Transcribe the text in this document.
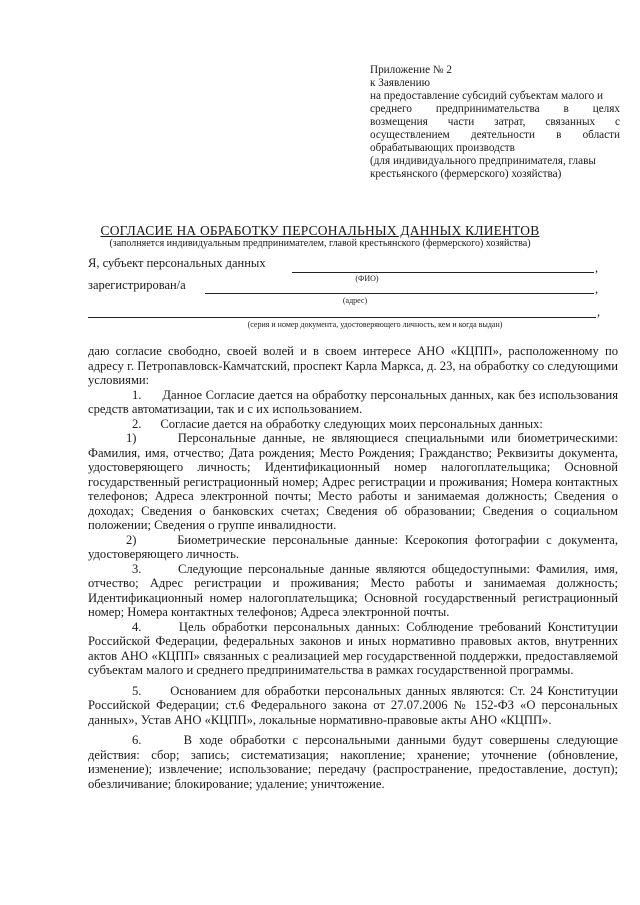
Приложение № 2
к Заявлению
на предоставление субсидий субъектам малого и
среднего предпринимательства в целях
возмещения части затрат, связанных с
осуществлением деятельности в области
обрабатывающих производств
(для индивидуального предпринимателя, главы
крестьянского (фермерского) хозяйства)
СОГЛАСИЕ НА ОБРАБОТКУ ПЕРСОНАЛЬНЫХ ДАННЫХ КЛИЕНТОВ
(заполняется индивидуальным предпринимателем, главой крестьянского (фермерского) хозяйства)
Я, субъект персональных данных	,
(ФИО)
зарегистрирован/а	,
(адрес)
,
(серия и номер документа, удостоверяющего личность, кем и когда выдан)

даю согласие свободно, своей волей и в своем интересе АНО «КЦПП», расположенному по адресу г. Петропавловск-Камчатский, проспект Карла Маркса, д. 23, на обработку со следующими условиями:

1.      Данное Согласие дается на обработку персональных данных, как без использования средств автоматизации, так и с их использованием.

2.      Согласие дается на обработку следующих моих персональных данных:

1)      Персональные данные, не являющиеся специальными или биометрическими: Фамилия, имя, отчество; Дата рождения; Место Рождения; Гражданство; Реквизиты документа, удостоверяющего личность; Идентификационный номер налогоплательщика; Основной государственный регистрационный номер; Адрес регистрации и проживания; Номера контактных телефонов; Адреса электронной почты; Место работы и занимаемая должность; Сведения о доходах; Сведения о банковских счетах; Сведения об образовании; Сведения о социальном положении; Сведения о группе инвалидности.

2)      Биометрические персональные данные: Ксерокопия фотографии с документа, удостоверяющего личность.

3.      Следующие персональные данные являются общедоступными: Фамилия, имя, отчество; Адрес регистрации и проживания; Место работы и занимаемая должность; Идентификационный номер налогоплательщика; Основной государственный регистрационный номер; Номера контактных телефонов; Адреса электронной почты.

4.      Цель обработки персональных данных: Соблюдение требований Конституции Российской Федерации, федеральных законов и иных нормативно правовых актов, внутренних актов АНО «КЦПП» связанных с реализацией мер государственной поддержки, предоставляемой субъектам малого и среднего предпринимательства в рамках государственной программы.

5.      Основанием для обработки персональных данных являются: Ст. 24 Конституции Российской Федерации; ст.6 Федерального закона от 27.07.2006 № 152-ФЗ «О персональных данных», Устав АНО «КЦПП», локальные нормативно-правовые акты АНО «КЦПП».

6.      В ходе обработки с персональными данными будут совершены следующие действия: сбор; запись; систематизация; накопление; хранение; уточнение (обновление, изменение); извлечение; использование; передачу (распространение, предоставление, доступ); обезличивание; блокирование; удаление; уничтожение.
